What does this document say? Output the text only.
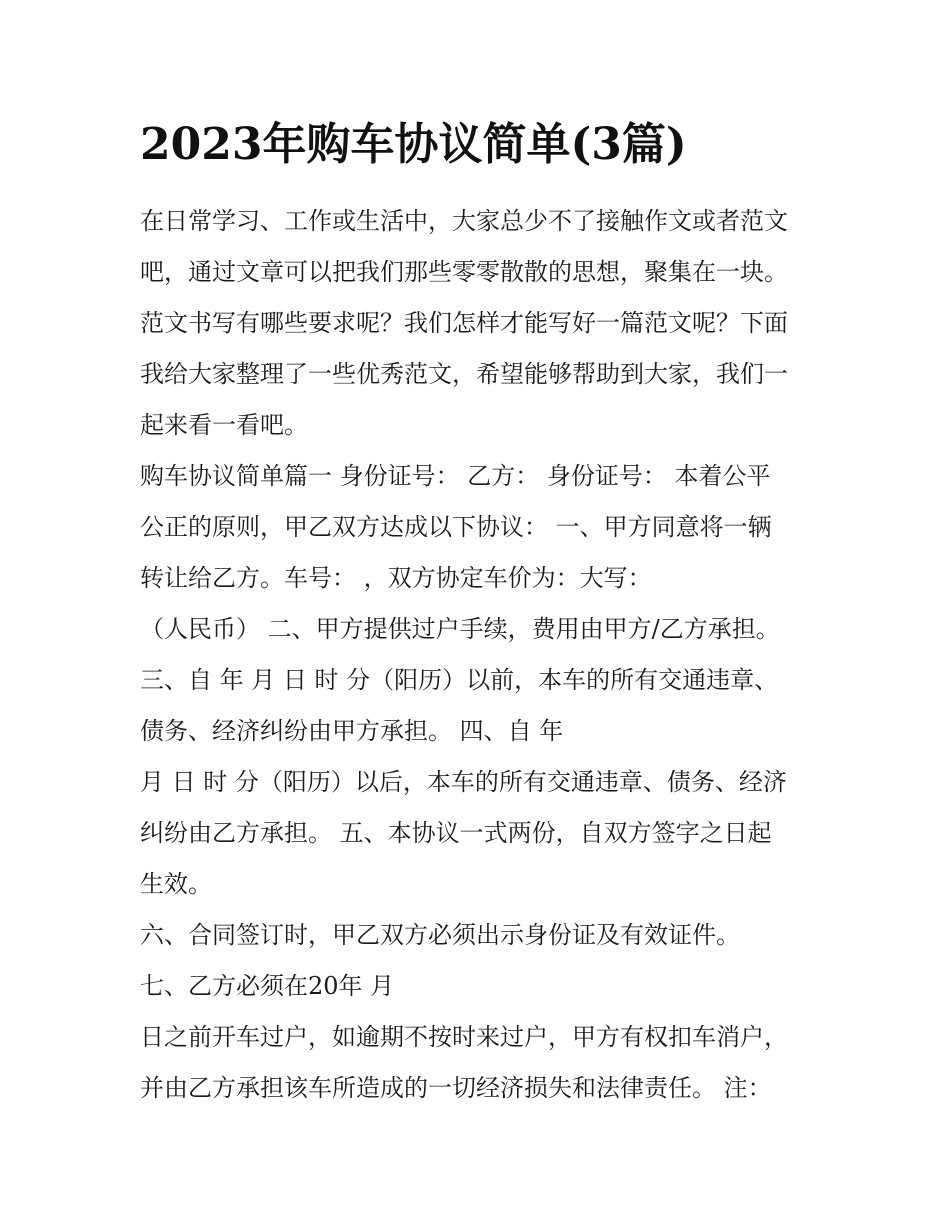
2023年购车协议简单(3篇)

在日常学习、工作或生活中，大家总少不了接触作文或者范文

吧，通过文章可以把我们那些零零散散的思想，聚集在一块。

范文书写有哪些要求呢？我们怎样才能写好一篇范文呢？下面

我给大家整理了一些优秀范文，希望能够帮助到大家，我们一

起来看一看吧。

购车协议简单篇一 身份证号： 乙方： 身份证号： 本着公平

公正的原则，甲乙双方达成以下协议： 一、甲方同意将一辆

转让给乙方。车号： ，双方协定车价为：大写：

（人民币） 二、甲方提供过户手续，费用由甲方/乙方承担。

三、自 年 月 日 时 分（阳历）以前，本车的所有交通违章、

债务、经济纠纷由甲方承担。 四、自 年

月 日 时 分（阳历）以后，本车的所有交通违章、债务、经济

纠纷由乙方承担。 五、本协议一式两份，自双方签字之日起

生效。

六、合同签订时，甲乙双方必须出示身份证及有效证件。

七、乙方必须在20年 月

日之前开车过户，如逾期不按时来过户，甲方有权扣车消户，

并由乙方承担该车所造成的一切经济损失和法律责任。 注：
